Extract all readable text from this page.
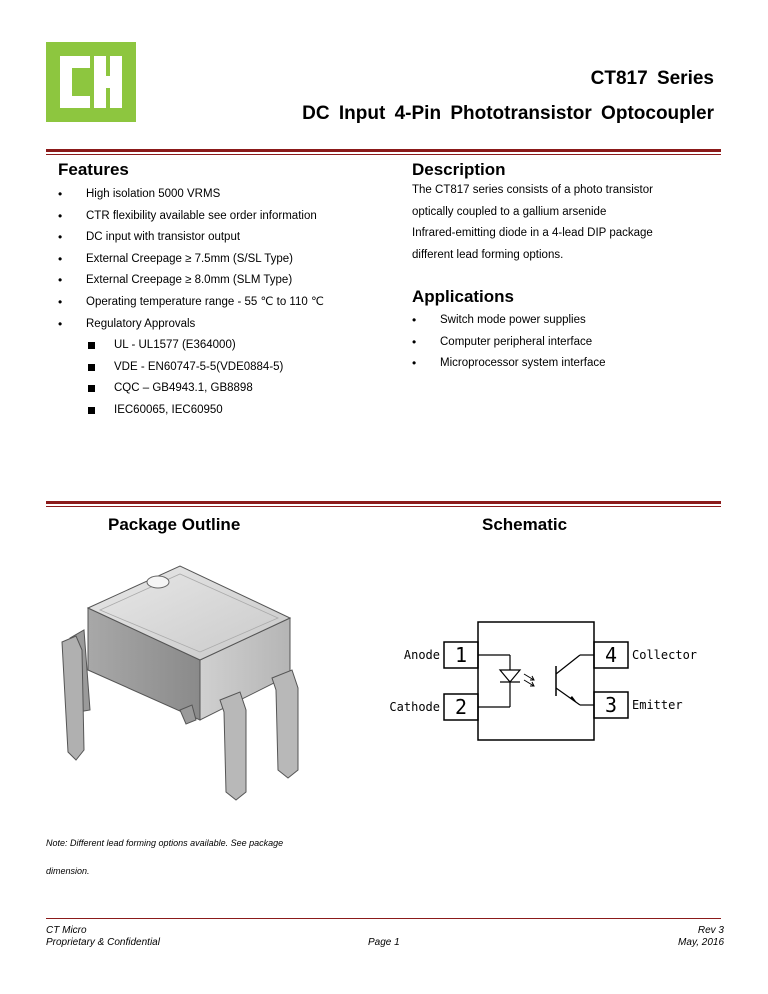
CT817 Series
DC Input 4-Pin Phototransistor Optocoupler
Features
• High isolation 5000 VRMS
• CTR flexibility available see order information
• DC input with transistor output
• External Creepage ≥ 7.5mm (S/SL Type)
• External Creepage ≥ 8.0mm (SLM Type)
• Operating temperature range - 55 ℃ to 110 ℃
• Regulatory Approvals
UL - UL1577 (E364000)
VDE - EN60747-5-5(VDE0884-5)
CQC – GB4943.1, GB8898
IEC60065, IEC60950
Description

The CT817 series consists of a photo transistor

optically coupled to a gallium arsenide

Infrared-emitting diode in a 4-lead DIP package

different lead forming options.

Applications
• Switch mode power supplies
• Computer peripheral interface
• Microprocessor system interface
Package Outline	Schematic
1
2	3
4
Anode
Cathode	Emitter
Collector
Note: Different lead forming options available. See package
dimension.
CT Micro
Proprietary & Confidential	Page 1
Rev 3
May, 2016
